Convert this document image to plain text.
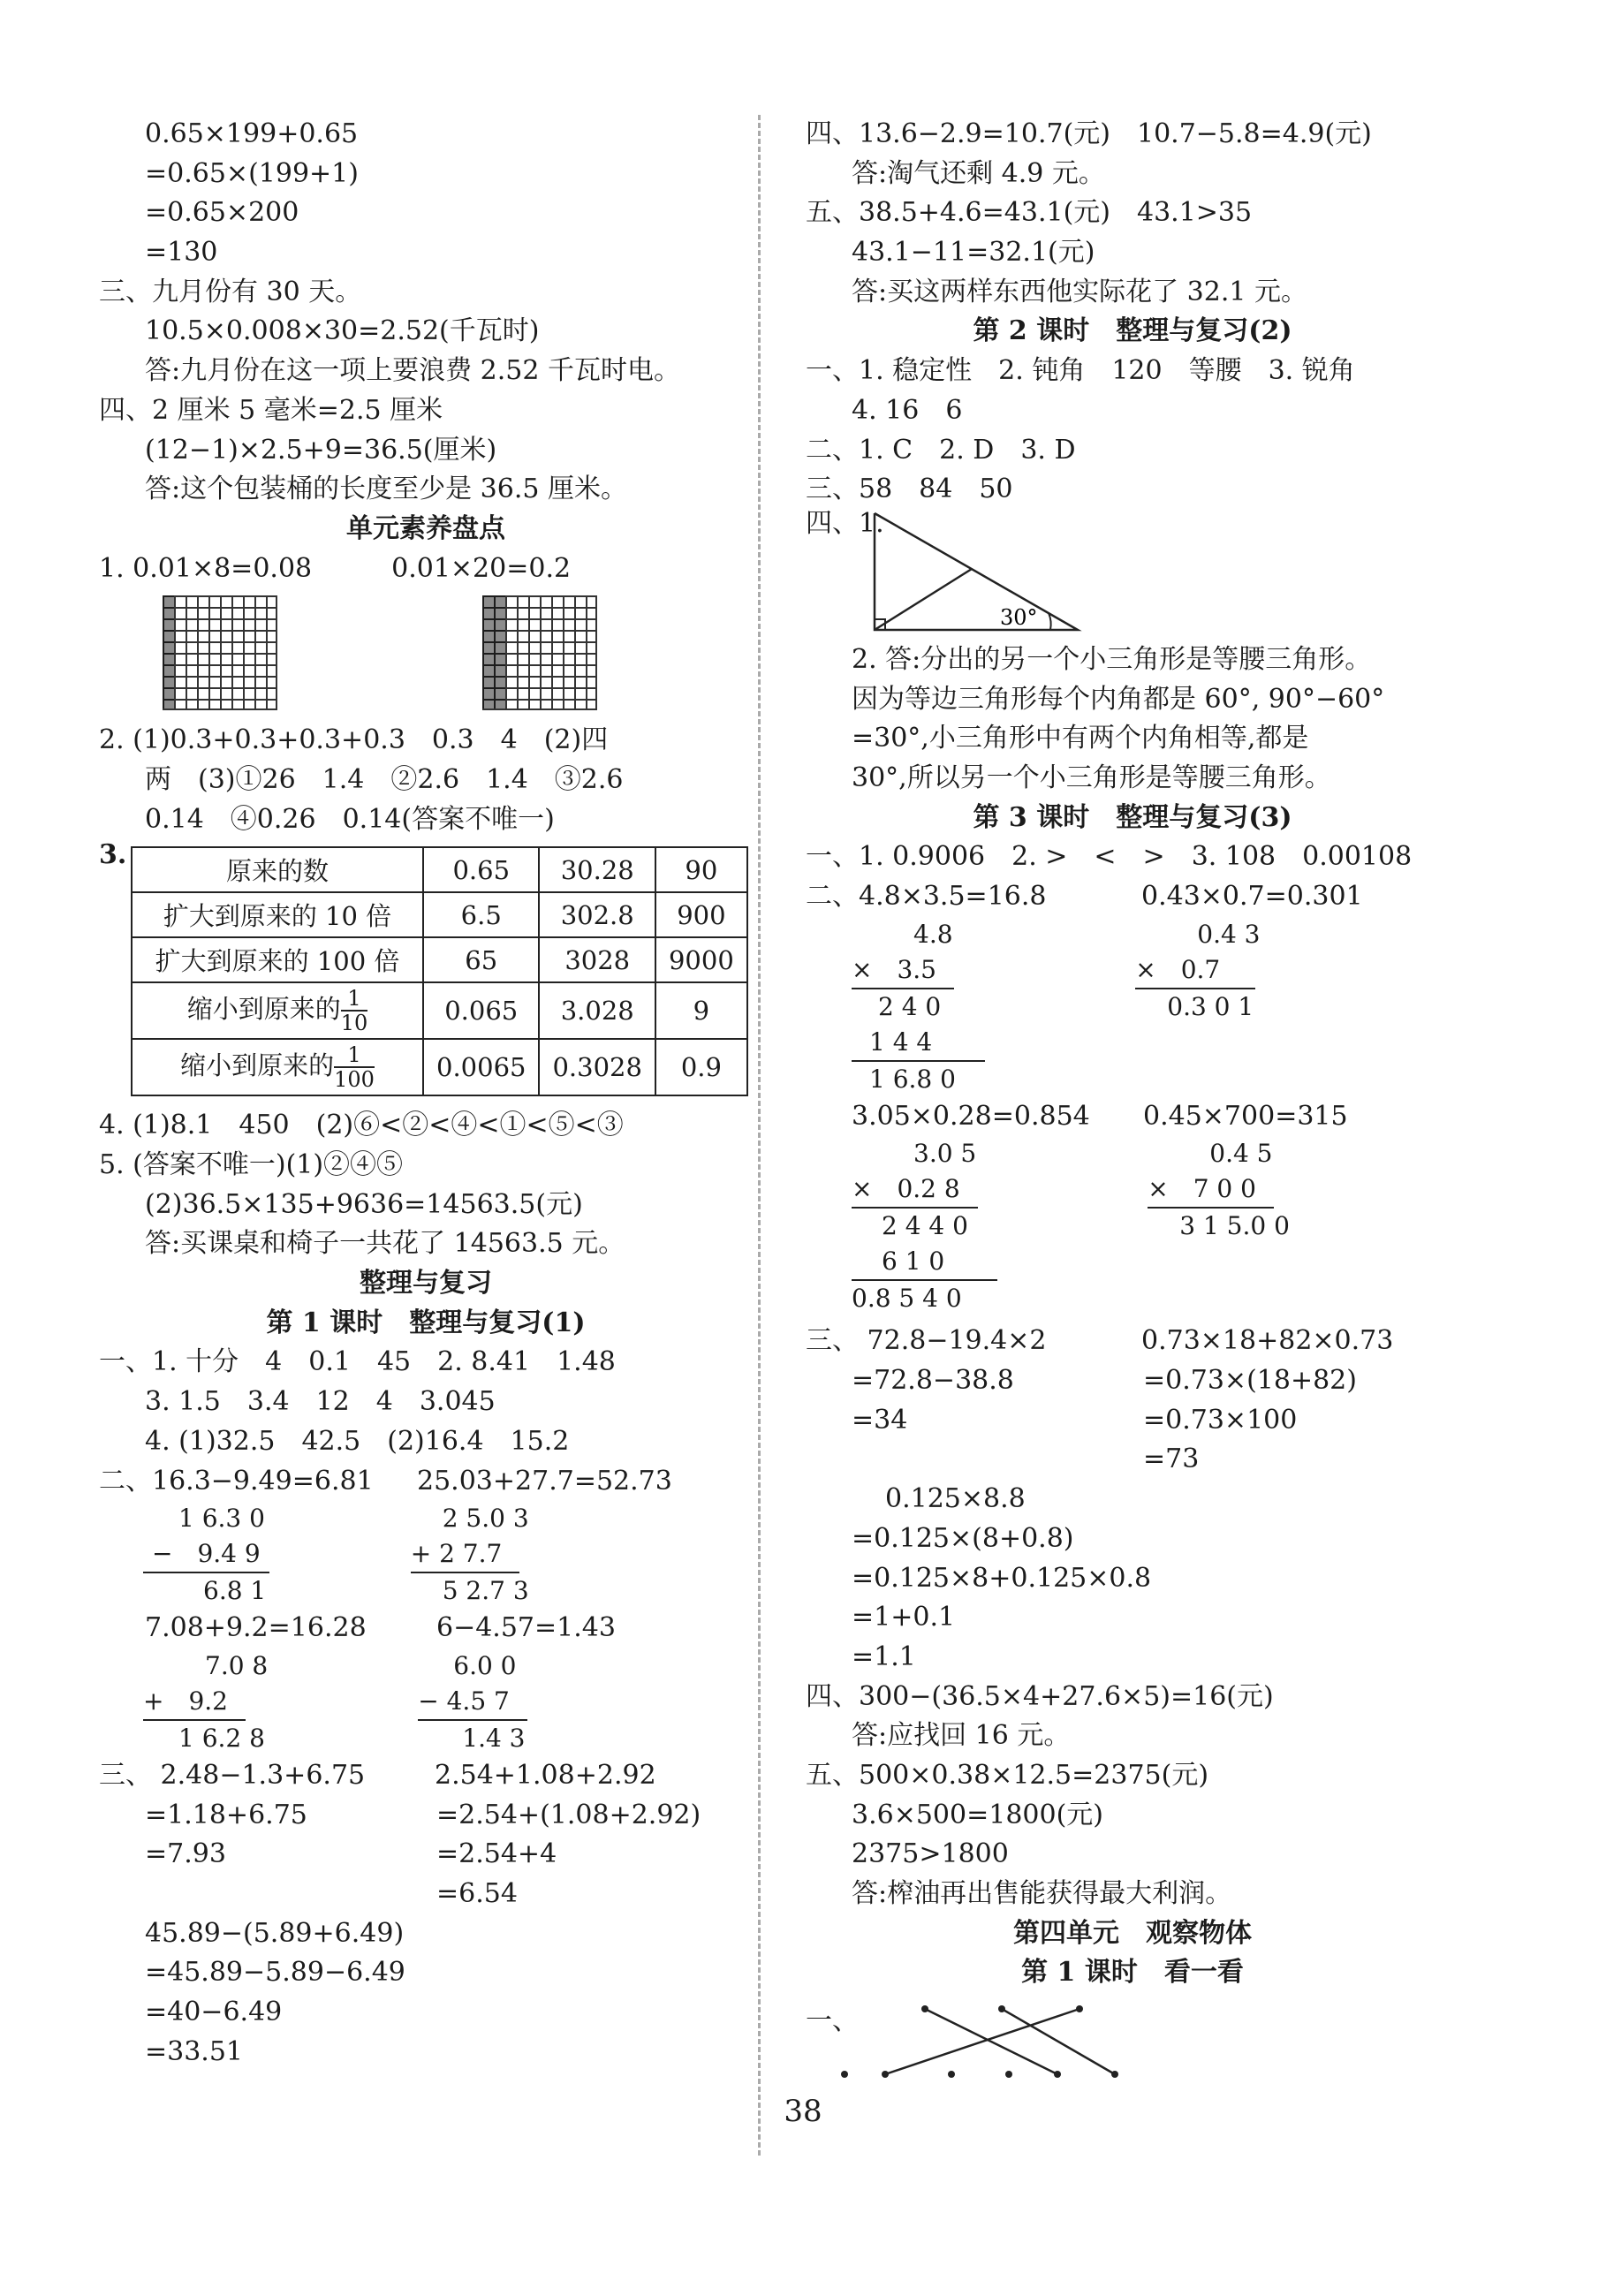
0.65×199+0.65
=0.65×(199+1)
=0.65×200
=130
三、九月份有 30 天。
10.5×0.008×30=2.52(千瓦时)
答:九月份在这一项上要浪费 2.52 千瓦时电。
四、2 厘米 5 毫米=2.5 厘米
(12−1)×2.5+9=36.5(厘米)
答:这个包装桶的长度至少是 36.5 厘米。
单元素养盘点
1. 0.01×8=0.08	0.01×20=0.2
2. (1)0.3+0.3+0.3+0.3　0.3　4　(2)四
两　(3)①26　1.4　②2.6　1.4　③2.6
0.14　④0.26　0.14(答案不唯一)
3.
原来的数	0.65	30.28	90
扩大到原来的 10 倍	6.5	302.8	900
扩大到原来的 100 倍	65	3028	9000
缩小到原来的 $\frac{1}{10}$	0.065	3.028	9
缩小到原来的 $\frac{1}{100}$	0.0065	0.3028	0.9
4. (1)8.1　450　(2)⑥<②<④<①<⑤<③
5. (答案不唯一)(1)②④⑤
(2)36.5×135+9636=14563.5(元)
答:买课桌和椅子一共花了 14563.5 元。
整理与复习
第 1 课时　整理与复习(1)
一、1. 十分　4　0.1　45　2. 8.41　1.48
3. 1.5　3.4　12　4　3.045
4. (1)32.5　42.5　(2)16.4　15.2
二、16.3−9.49=6.81	25.03+27.7=52.73
1 6.3 0
−　9.4 9
6.8 1
2 5.0 3
+ 2 7.7
5 2.7 3
7.08+9.2=16.28	6−4.57=1.43
7.0 8
+　9.2
1 6.2 8
6.0 0
− 4.5 7
1.4 3
三、 2.48−1.3+6.75	2.54+1.08+2.92
=1.18+6.75	=2.54+(1.08+2.92)
=7.93	=2.54+4
=6.54
45.89−(5.89+6.49)
=45.89−5.89−6.49
=40−6.49
=33.51
四、13.6−2.9=10.7(元)　10.7−5.8=4.9(元)
答:淘气还剩 4.9 元。
五、38.5+4.6=43.1(元)　43.1>35
43.1−11=32.1(元)
答:买这两样东西他实际花了 32.1 元。
第 2 课时　整理与复习(2)
一、1. 稳定性　2. 钝角　120　等腰　3. 锐角
4. 16　6
二、1. C　2. D　3. D
三、58　84　50
四、1.
30°
2. 答:分出的另一个小三角形是等腰三角形。
因为等边三角形每个内角都是 60°, 90°−60°
=30°,小三角形中有两个内角相等,都是
30°,所以另一个小三角形是等腰三角形。
第 3 课时　整理与复习(3)
一、1. 0.9006　2. >　<　>　3. 108　0.00108
二、4.8×3.5=16.8	0.43×0.7=0.301
4.8
×　3.5
2 4 0
1 4 4
1 6.8 0
0.4 3
×　0.7
0.3 0 1
3.05×0.28=0.854	0.45×700=315
3.0 5
×　0.2 8
2 4 4 0
6 1 0
0.8 5 4 0
0.4 5
×　7 0 0
3 1 5.0 0
三、 72.8−19.4×2	0.73×18+82×0.73
=72.8−38.8	=0.73×(18+82)
=34	=0.73×100
=73
0.125×8.8
=0.125×(8+0.8)
=0.125×8+0.125×0.8
=1+0.1
=1.1
四、300−(36.5×4+27.6×5)=16(元)
答:应找回 16 元。
五、500×0.38×12.5=2375(元)
3.6×500=1800(元)
2375>1800
答:榨油再出售能获得最大利润。
第四单元　观察物体
第 1 课时　看一看
一、
38
